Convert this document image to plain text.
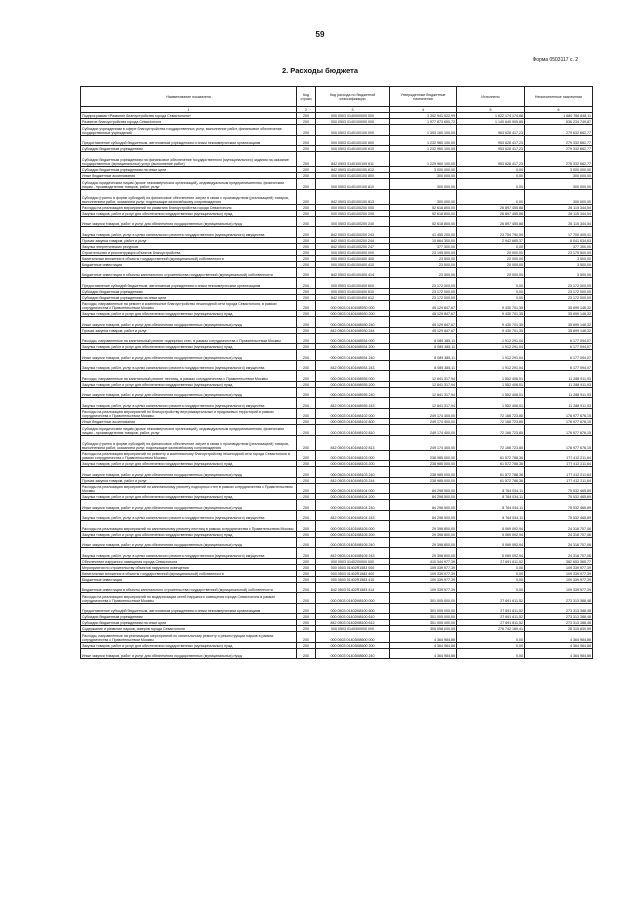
59
Форма 0503117 с. 2
2. Расходы бюджета
Наименование показателя	Код строки	Код расхода по бюджетной классификации	Утвержденные бюджетные назначения	Исполнено	Неисполненные назначения
1	2	3	4	5	6
Подпрограмма «Развитие благоустройства города Севастополя»	200	000 0503 0140000000 000	3 302 941 022,99	1 622 174 174,88	1 680 766 848,11
Развитие благоустройства города Севастополя	200	000 0503 0140100000 000	1 977 873 650,72	1 140 640 905,85	836 234 749,87
Субсидии учреждениям в сфере благоустройства государственных услуг, выполнение работ, финансовое обеспечение государственных учреждений	200	000 0503 0140100100 000	1 393 160 100,00	963 628 417,23	279 632 682,77
Предоставление субсидий бюджетным, автономным учреждениям и иным некоммерческим организациям	200	000 0503 0140100100 600	1 232 960 100,00	953 628 417,23	279 332 682,77
Субсидии бюджетным учреждениям	200	000 0503 0140100100 610	1 232 960 100,00	953 628 417,23	279 332 682,77
Субсидии бюджетным учреждениям на финансовое обеспечение государственного (муниципального) задания на оказание государственных (муниципальных) услуг (выполнение работ)	200	842 0503 0140100100 611	1 229 960 100,00	953 628 417,23	276 332 682,77
Субсидии бюджетным учреждениям на иные цели	200	842 0503 0140100100 612	3 000 000,00	0,00	3 000 000,00
Иные бюджетные ассигнования	200	000 0503 0140100100 800	300 000,00	0,00	300 000,00
Субсидии юридическим лицам (кроме некоммерческих организаций), индивидуальным предпринимателям, физическим лицам - производителям товаров, работ, услуг	200	000 0503 0140100100 810	300 000,00	0,00	300 000,00
Субсидии (гранты в форме субсидий) на финансовое обеспечение затрат в связи с производством (реализацией) товаров, выполнением работ, оказанием услуг, подлежащие казначейскому сопровождению	200	842 0503 0140100100 813	300 000,00	0,00	300 000,00
Расходы на реализацию мероприятий по развитию благоустройства города Севастополя	200	000 0503 0140100200 000	52 618 800,00	26 897 455,88	26 115 344,54
Закупка товаров, работ и услуг для обеспечения государственных (муниципальных) нужд	200	000 0503 0140100200 200	52 618 800,00	26 897 455,88	26 115 344,54
Иные закупки товаров, работ и услуг для обеспечения государственных (муниципальных) нужд	200	000 0503 0140100200 240	52 618 800,00	26 897 455,88	26 115 344,54
Закупка товаров, работ, услуг в целях капитального ремонта государственного (муниципального) имущества	200	842 0503 0140100200 243	41 455 200,00	23 754 790,59	17 700 409,41
Прочая закупка товаров, работ и услуг	200	842 0503 0140100200 244	10 664 300,00	2 942 665,37	8 041 634,63
Закупка энергетических ресурсов	200	842 0503 0140100200 247	377 300,00	0,00	377 300,00
Строительство и реконструкция объектов благоустройства	200	000 0503 0140100400 000	23 195 500,00	20 000,00	23 175 500,00
Капитальные вложения в объекты государственной (муниципальной) собственности	200	000 0503 0140100400 400	23 500,00	20 000,00	3 500,00
Бюджетные инвестиции	200	000 0503 0140100400 410	23 500,00	20 000,00	3 500,00
Бюджетные инвестиции в объекты капитального строительства государственной (муниципальной) собственности	200	842 0503 0140100400 414	23 500,00	20 000,00	3 500,00
Предоставление субсидий бюджетным, автономным учреждениям и иным некоммерческим организациям	200	000 0503 0140100400 600	23 172 000,00	0,00	23 172 000,00
Субсидии бюджетным учреждениям	200	000 0503 0140100400 610	23 172 000,00	0,00	23 172 000,00
Субсидии бюджетным учреждениям на иные цели	200	842 0503 0140100400 612	23 172 000,00	0,00	23 172 000,00
Расходы, направленные на ремонт и комплексное благоустройство пешеходной сети города Севастополя, в рамках сотрудничества с Правительством Москвы	200	000 0503 01401М8930 000	45 129 847,67	9 430 701,35	35 699 146,32
Закупка товаров, работ и услуг для обеспечения государственных (муниципальных) нужд	200	000 0503 01401М8930 200	45 129 847,67	9 430 701,35	35 699 146,32
Иные закупки товаров, работ и услуг для обеспечения государственных (муниципальных) нужд	200	000 0503 01401М8930 240	45 129 847,67	9 430 701,35	35 699 146,32
Прочая закупка товаров, работ и услуг	200	842 0503 01401М8930 244	45 129 847,67	9 430 701,35	35 699 146,32
Расходы, направленные на капитальный ремонт подпорных стен, в рамках сотрудничества с Правительством Москвы	200	000 0503 01401М8934 000	8 089 385,11	1 912 291,04	6 177 094,07
Закупка товаров, работ и услуг для обеспечения государственных (муниципальных) нужд	200	000 0503 01401М8934 200	8 089 385,11	1 912 291,04	6 177 094,07
Иные закупки товаров, работ и услуг для обеспечения государственных (муниципальных) нужд	200	000 0503 01401М8934 240	8 089 385,11	1 912 291,04	6 177 094,07
Закупка товаров, работ, услуг в целях капитального ремонта государственного (муниципального) имущества	200	842 0503 01401М8934 243	8 089 385,11	1 912 291,04	6 177 094,07
Расходы, направленные на капитальный ремонт лестниц, в рамках сотрудничества с Правительством Москвы	200	000 0503 01401М8935 000	12 841 317,94	1 552 406,01	11 288 911,93
Закупка товаров, работ и услуг для обеспечения государственных (муниципальных) нужд	200	000 0503 01401М8935 200	12 841 317,94	1 552 406,01	11 288 911,93
Иные закупки товаров, работ и услуг для обеспечения государственных (муниципальных) нужд	200	000 0503 01401М8935 240	12 841 317,94	1 552 406,01	11 288 911,93
Закупка товаров, работ, услуг в целях капитального ремонта государственного (муниципального) имущества	200	842 0503 01401М8935 243	12 841 317,94	1 552 406,01	11 288 911,93
Расходы на реализацию мероприятий по благоустройству внутриквартальных и придомовых территорий в рамках сотрудничества с Правительством Москвы	200	000 0503 01401М8102 000	249 174 400,00	72 166 723,85	176 977 676,15
Иные бюджетные ассигнования	200	000 0503 01401М8102 800	249 174 400,00	72 166 723,85	176 977 676,15
Субсидии юридическим лицам (кроме некоммерческих организаций), индивидуальным предпринимателям, физическим лицам - производителям товаров, работ, услуг	200	000 0503 01401М8102 810	249 174 400,00	72 166 723,85	176 977 676,15
Субсидии (гранты в форме субсидий) на финансовое обеспечение затрат в связи с производством (реализацией) товаров, выполнением работ, оказанием услуг, подлежащие казначейскому сопровождению	200	842 0503 01401М8102 813	249 174 400,00	72 166 723,85	176 977 676,15
Расходы на реализацию мероприятий по ремонту и комплексному благоустройству пешеходной сети города Севастополя в рамках сотрудничества с Правительством Москвы	200	000 0503 01401М8103 000	238 985 000,00	61 572 788,36	177 412 211,64
Закупка товаров, работ и услуг для обеспечения государственных (муниципальных) нужд	200	000 0503 01401М8103 200	238 985 000,00	61 572 788,36	177 412 211,64
Иные закупки товаров, работ и услуг для обеспечения государственных (муниципальных) нужд	200	000 0503 01401М8103 240	238 985 000,00	61 572 788,36	177 412 211,64
Прочая закупка товаров, работ и услуг	200	842 0503 01401М8103 244	238 985 000,00	61 572 788,36	177 412 211,64
Расходы на реализацию мероприятий по капитальному ремонту подпорных стен в рамках сотрудничества с Правительством Москвы	200	000 0503 01401М8104 000	84 298 500,00	8 764 034,11	75 532 465,89
Закупка товаров, работ и услуг для обеспечения государственных (муниципальных) нужд	200	000 0503 01401М8104 200	84 298 500,00	8 764 034,11	75 532 465,89
Иные закупки товаров, работ и услуг для обеспечения государственных (муниципальных) нужд	200	000 0503 01401М8104 240	84 298 500,00	8 764 034,11	75 532 465,89
Закупка товаров, работ, услуг в целях капитального ремонта государственного (муниципального) имущества	200	842 0503 01401М8104 243	84 298 500,00	8 764 034,11	75 532 465,89
Расходы на реализацию мероприятий по капитальному ремонту лестниц в рамках сотрудничества с Правительством Москвы	200	000 0503 01401М8105 000	29 398 800,00	5 069 092,94	24 318 707,06
Закупка товаров, работ и услуг для обеспечения государственных (муниципальных) нужд	200	000 0503 01401М8105 200	29 398 800,00	5 069 092,94	24 318 707,06
Иные закупки товаров, работ и услуг для обеспечения государственных (муниципальных) нужд	200	000 0503 01401М8105 240	29 398 800,00	5 069 092,94	24 318 707,06
Закупка товаров, работ, услуг в целях капитального ремонта государственного (муниципального) имущества	200	842 0503 01401М8105 243	29 398 800,00	5 069 092,94	24 318 707,06
Обеспечение наружного освещения города Севастополя	200	000 0503 0140200000 000	410 344 977,39	27 691 611,52	382 653 365,77
Мероприятия по строительству объектов наружного освещения	200	000 0503 01402R1583 000	109 339 977,39	0,00	109 339 977,39
Капитальные вложения в объекты государственной (муниципальной) собственности	200	000 0503 01402R1583 400	109 339 977,39	0,00	109 339 977,39
Бюджетные инвестиции	200	000 0503 01402R1583 410	109 339 977,39	0,00	109 339 977,39
Бюджетные инвестиции в объекты капитального строительства государственной (муниципальной) собственности	200	842 0503 01402R1583 414	109 339 977,39	0,00	109 339 977,39
Расходы на реализацию мероприятий по модернизации сетей наружного освещения города Севастополя в рамках сотрудничества с Правительством Москвы	200	000 0503 01402М8100 000	301 005 000,00	27 691 611,52	273 313 388,48
Предоставление субсидий бюджетным, автономным учреждениям и иным некоммерческим организациям	200	000 0503 01402М8100 600	301 005 000,00	27 691 611,52	273 313 388,48
Субсидии бюджетным учреждениям	200	000 0503 01402М8100 610	301 005 000,00	27 691 611,52	273 313 388,48
Субсидии бюджетным учреждениям на иные цели	200	842 0503 01402М8100 612	301 005 000,00	27 691 611,52	273 313 388,48
Содержание и развитие парков, скверов города Севастополя	200	000 0503 0140300000 000	305 058 000,00	276 742 169,41	28 315 830,59
Расходы, направленные на реализацию мероприятий по капитальному ремонту и реконструкции парков в рамках сотрудничества с Правительством Москвы	200	000 0503 01403М8600 000	4 364 984,88	0,00	4 364 984,88
Закупка товаров, работ и услуг для обеспечения государственных (муниципальных) нужд	200	000 0503 01403М8600 200	4 364 984,88	0,00	4 364 984,88
Иные закупки товаров, работ и услуг для обеспечения государственных (муниципальных) нужд	200	000 0503 01403М8600 240	4 364 984,88	0,00	4 364 984,88
